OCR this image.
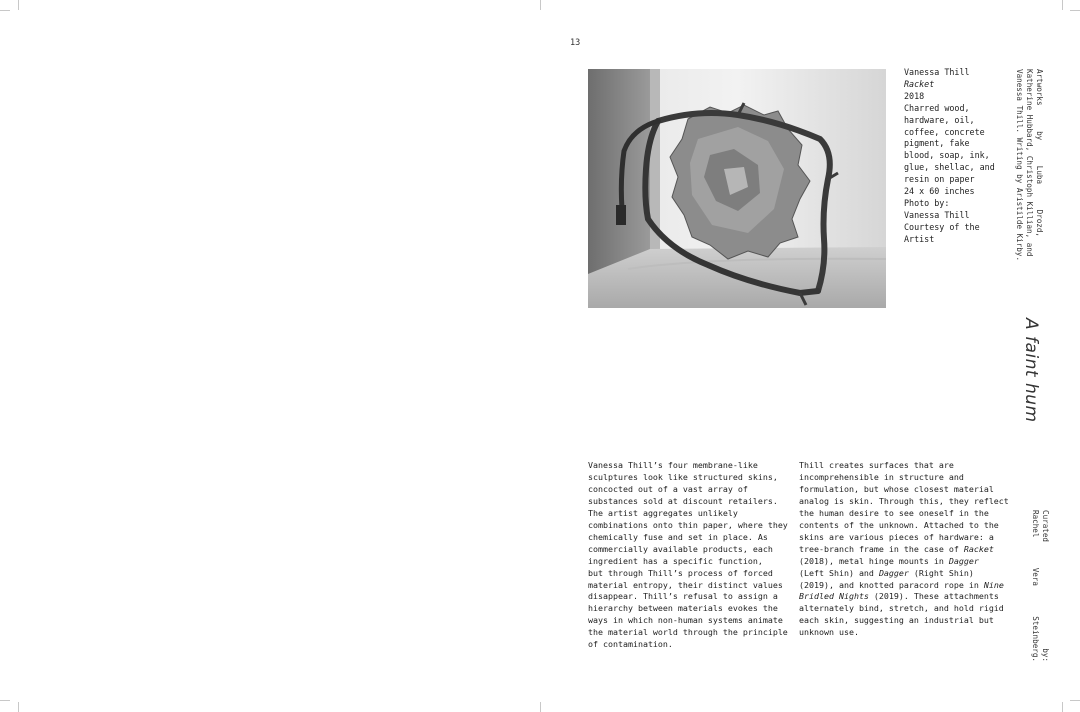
13
Vanessa Thill
Racket
2018
Charred wood,
hardware, oil,
coffee, concrete
pigment, fake
blood, soap, ink,
glue, shellac, and
resin on paper
24 x 60 inches
Photo by:
Vanessa Thill
Courtesy of the
Artist
Artworks by Luba Drozd,
Katherine Hubbard, Christoph Killian, and
Vanessa Thill. Writing by Aristilde Kirby.
A faint hum
Curated by:
Rachel Vera Steinberg.
Vanessa Thill’s four membrane-like
sculptures look like structured skins,
concocted out of a vast array of
substances sold at discount retailers.
The artist aggregates unlikely
combinations onto thin paper, where they
chemically fuse and set in place. As
commercially available products, each
ingredient has a specific function,
but through Thill’s process of forced
material entropy, their distinct values
disappear. Thill’s refusal to assign a
hierarchy between materials evokes the
ways in which non-human systems animate
the material world through the principle
of contamination.
Thill creates surfaces that are
incomprehensible in structure and
formulation, but whose closest material
analog is skin. Through this, they reflect
the human desire to see oneself in the
contents of the unknown. Attached to the
skins are various pieces of hardware: a
tree-branch frame in the case of Racket
(2018), metal hinge mounts in Dagger
(Left Shin) and Dagger (Right Shin)
(2019), and knotted paracord rope in Nine
Bridled Nights (2019). These attachments
alternately bind, stretch, and hold rigid
each skin, suggesting an industrial but
unknown use.
